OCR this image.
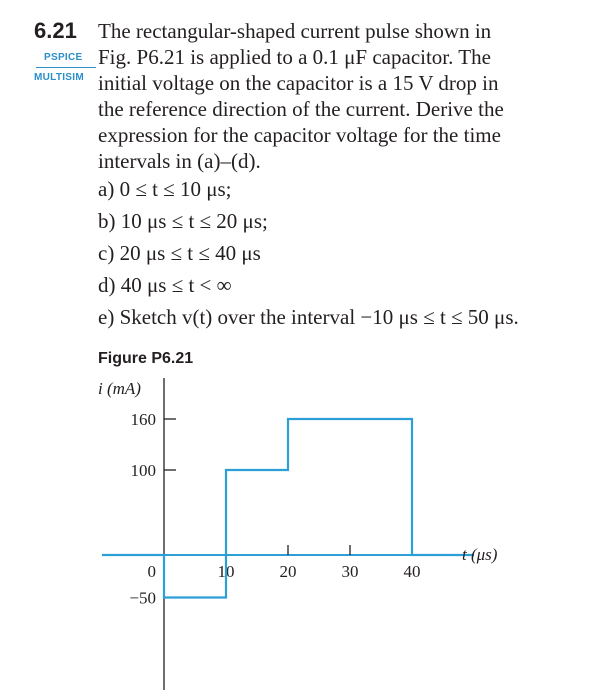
6.21
PSPICE
MULTISIM
The rectangular-shaped current pulse shown in
Fig. P6.21 is applied to a 0.1 μF capacitor. The
initial voltage on the capacitor is a 15 V drop in
the reference direction of the current. Derive the
expression for the capacitor voltage for the time
intervals in (a)–(d).
a) 0 ≤ t ≤ 10 μs;
b) 10 μs ≤ t ≤ 20 μs;
c) 20 μs ≤ t ≤ 40 μs
d) 40 μs ≤ t < ∞
e) Sketch v(t) over the interval −10 μs ≤ t ≤ 50 μs.
Figure P6.21
160
100
−50
10	20	30	40
0
i (mA)
t (μs)
